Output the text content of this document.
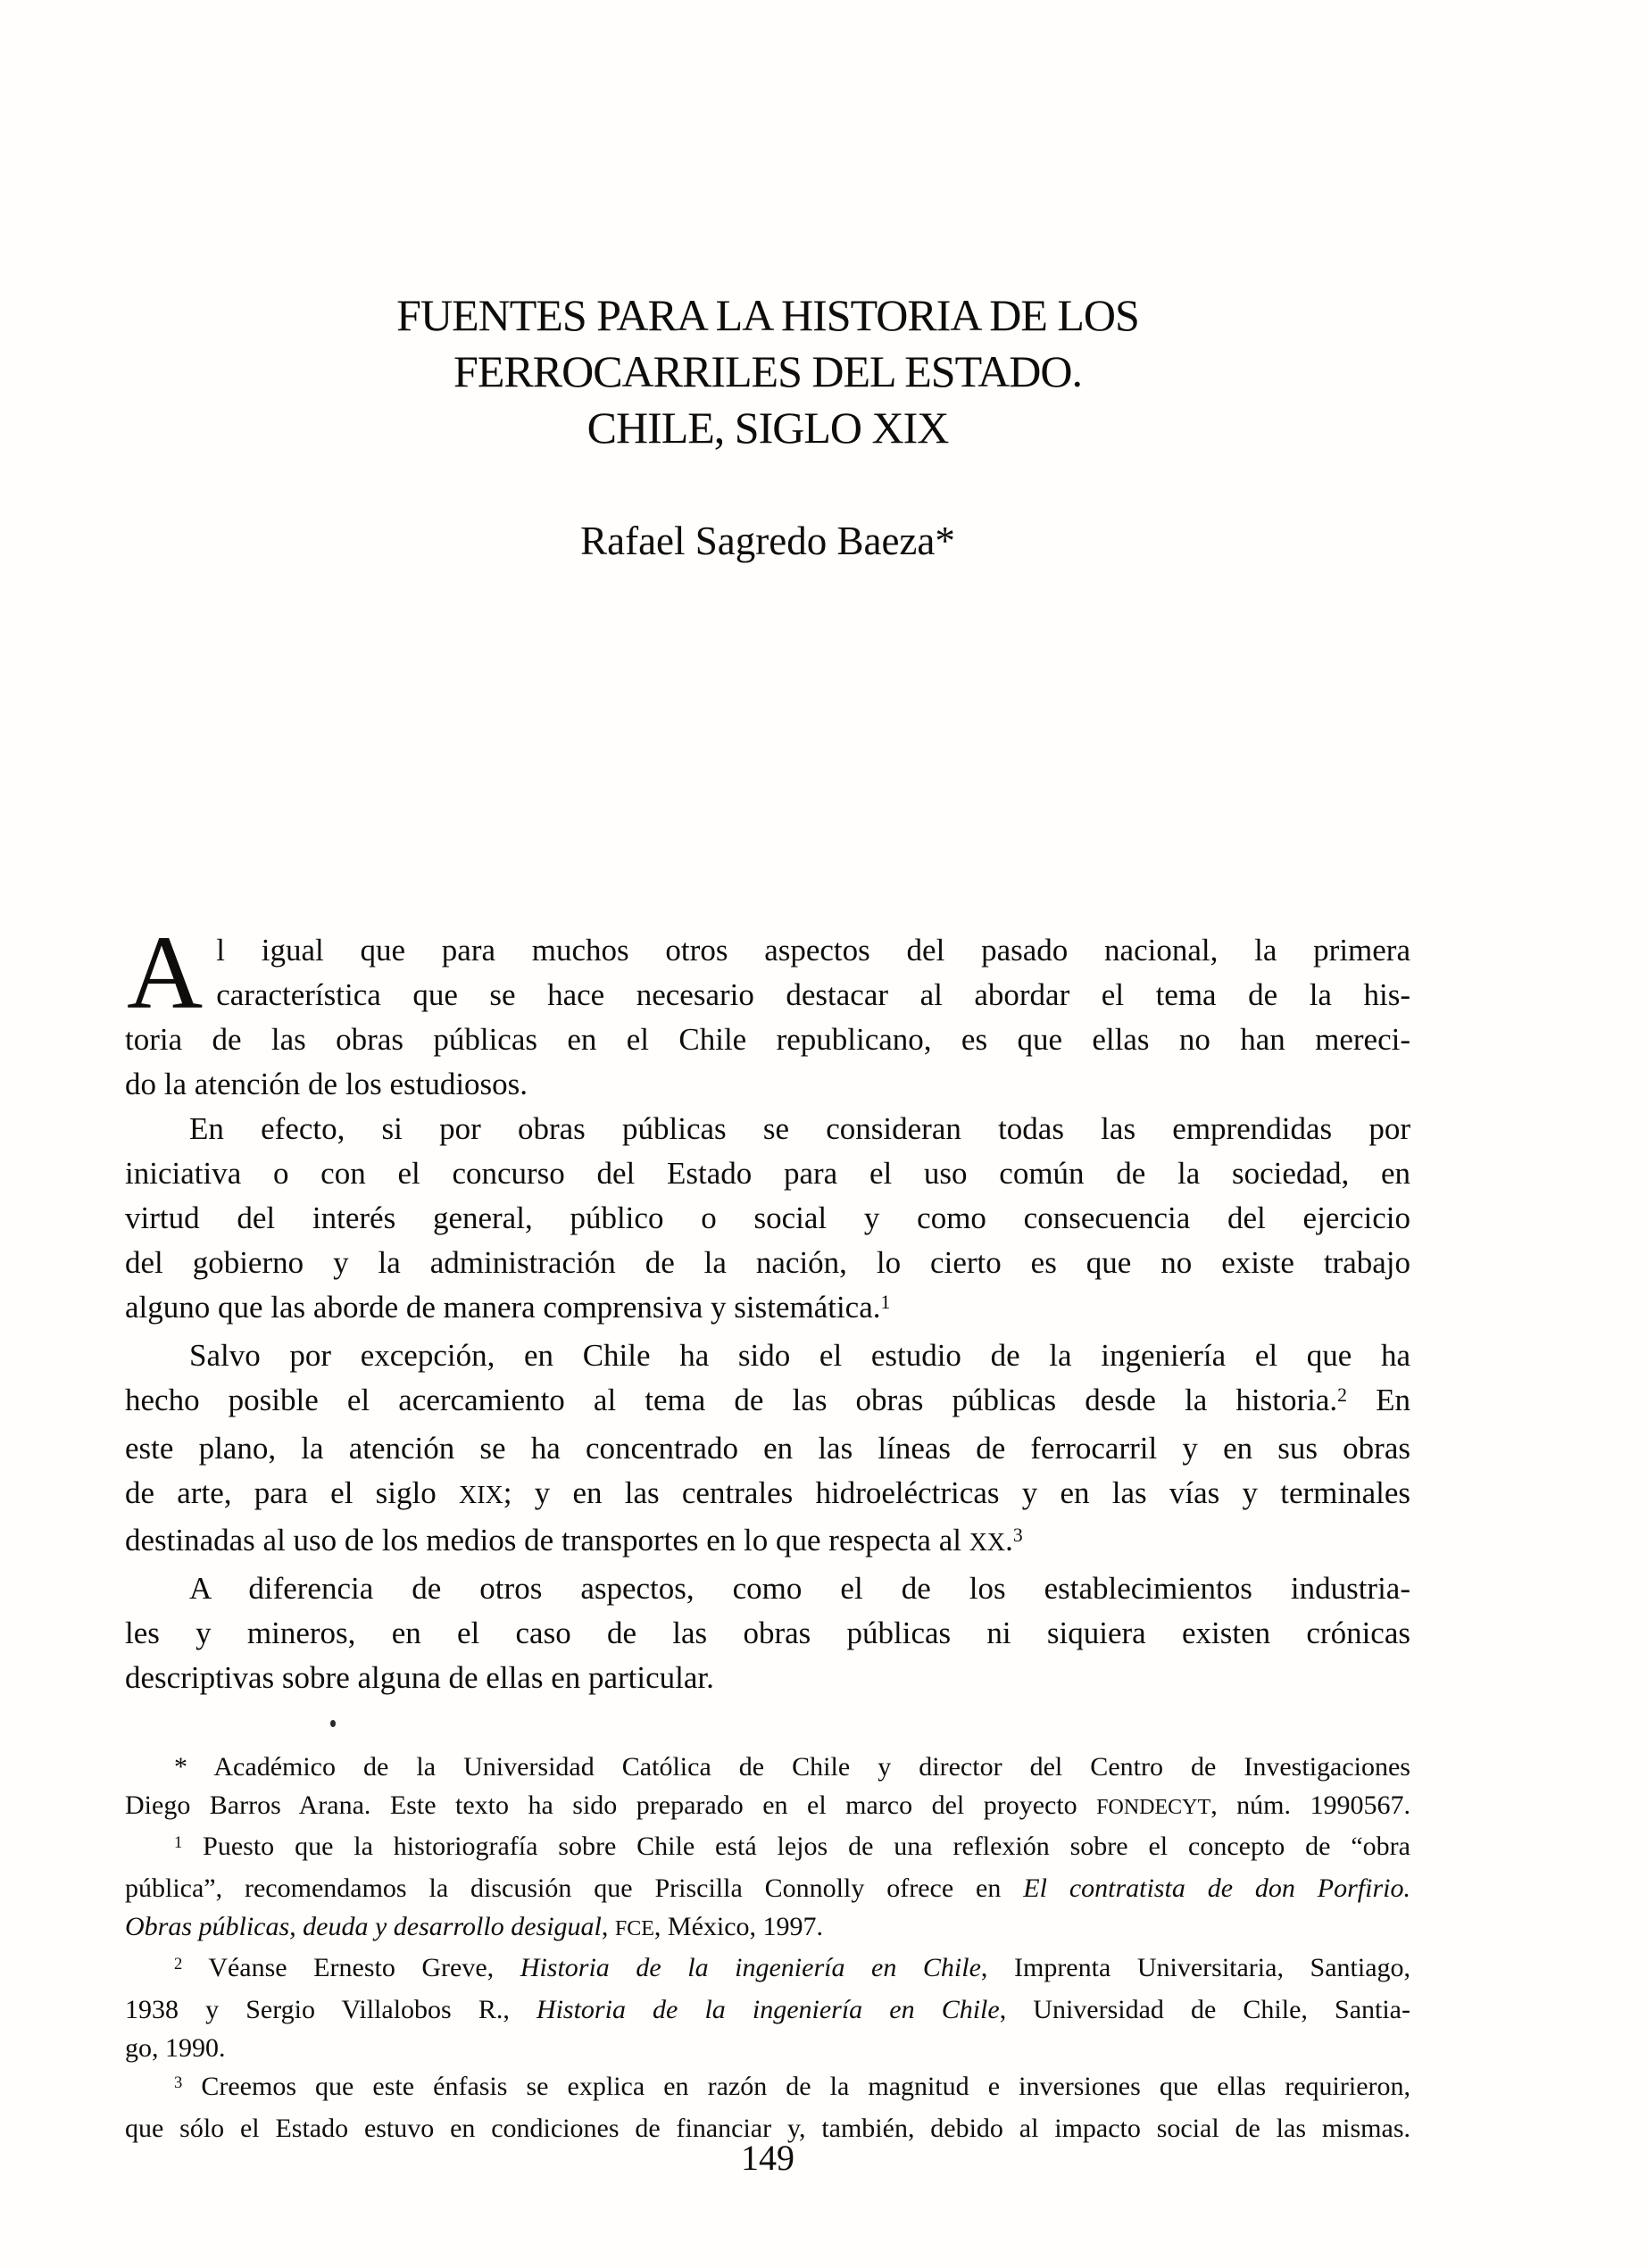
FUENTES PARA LA HISTORIA DE LOS
FERROCARRILES DEL ESTADO.
CHILE, SIGLO XIX
Rafael Sagredo Baeza*
A l igual que para muchos otros aspectos del pasado nacional, la primera
característica que se hace necesario destacar al abordar el tema de la his-
toria de las obras públicas en el Chile republicano, es que ellas no han mereci-
do la atención de los estudiosos.
En efecto, si por obras públicas se consideran todas las emprendidas por
iniciativa o con el concurso del Estado para el uso común de la sociedad, en
virtud del interés general, público o social y como consecuencia del ejercicio
del gobierno y la administración de la nación, lo cierto es que no existe trabajo
alguno que las aborde de manera comprensiva y sistemática.$^1$
Salvo por excepción, en Chile ha sido el estudio de la ingeniería el que ha
hecho posible el acercamiento al tema de las obras públicas desde la historia.$^2$ En
este plano, la atención se ha concentrado en las líneas de ferrocarril y en sus obras
de arte, para el siglo XIX; y en las centrales hidroeléctricas y en las vías y terminales
destinadas al uso de los medios de transportes en lo que respecta al XX.$^3$
A diferencia de otros aspectos, como el de los establecimientos industria-
les y mineros, en el caso de las obras públicas ni siquiera existen crónicas
descriptivas sobre alguna de ellas en particular.
* Académico de la Universidad Católica de Chile y director del Centro de Investigaciones
Diego Barros Arana. Este texto ha sido preparado en el marco del proyecto FONDECYT, núm. 1990567.
$^1$ Puesto que la historiografía sobre Chile está lejos de una reflexión sobre el concepto de “obra
pública”, recomendamos la discusión que Priscilla Connolly ofrece en El contratista de don Porfirio.
Obras públicas, deuda y desarrollo desigual, FCE, México, 1997.
$^2$ Véanse Ernesto Greve, Historia de la ingeniería en Chile, Imprenta Universitaria, Santiago,
1938 y Sergio Villalobos R., Historia de la ingeniería en Chile, Universidad de Chile, Santia-
go, 1990.
$^3$ Creemos que este énfasis se explica en razón de la magnitud e inversiones que ellas requirieron,
que sólo el Estado estuvo en condiciones de financiar y, también, debido al impacto social de las mismas.
149
